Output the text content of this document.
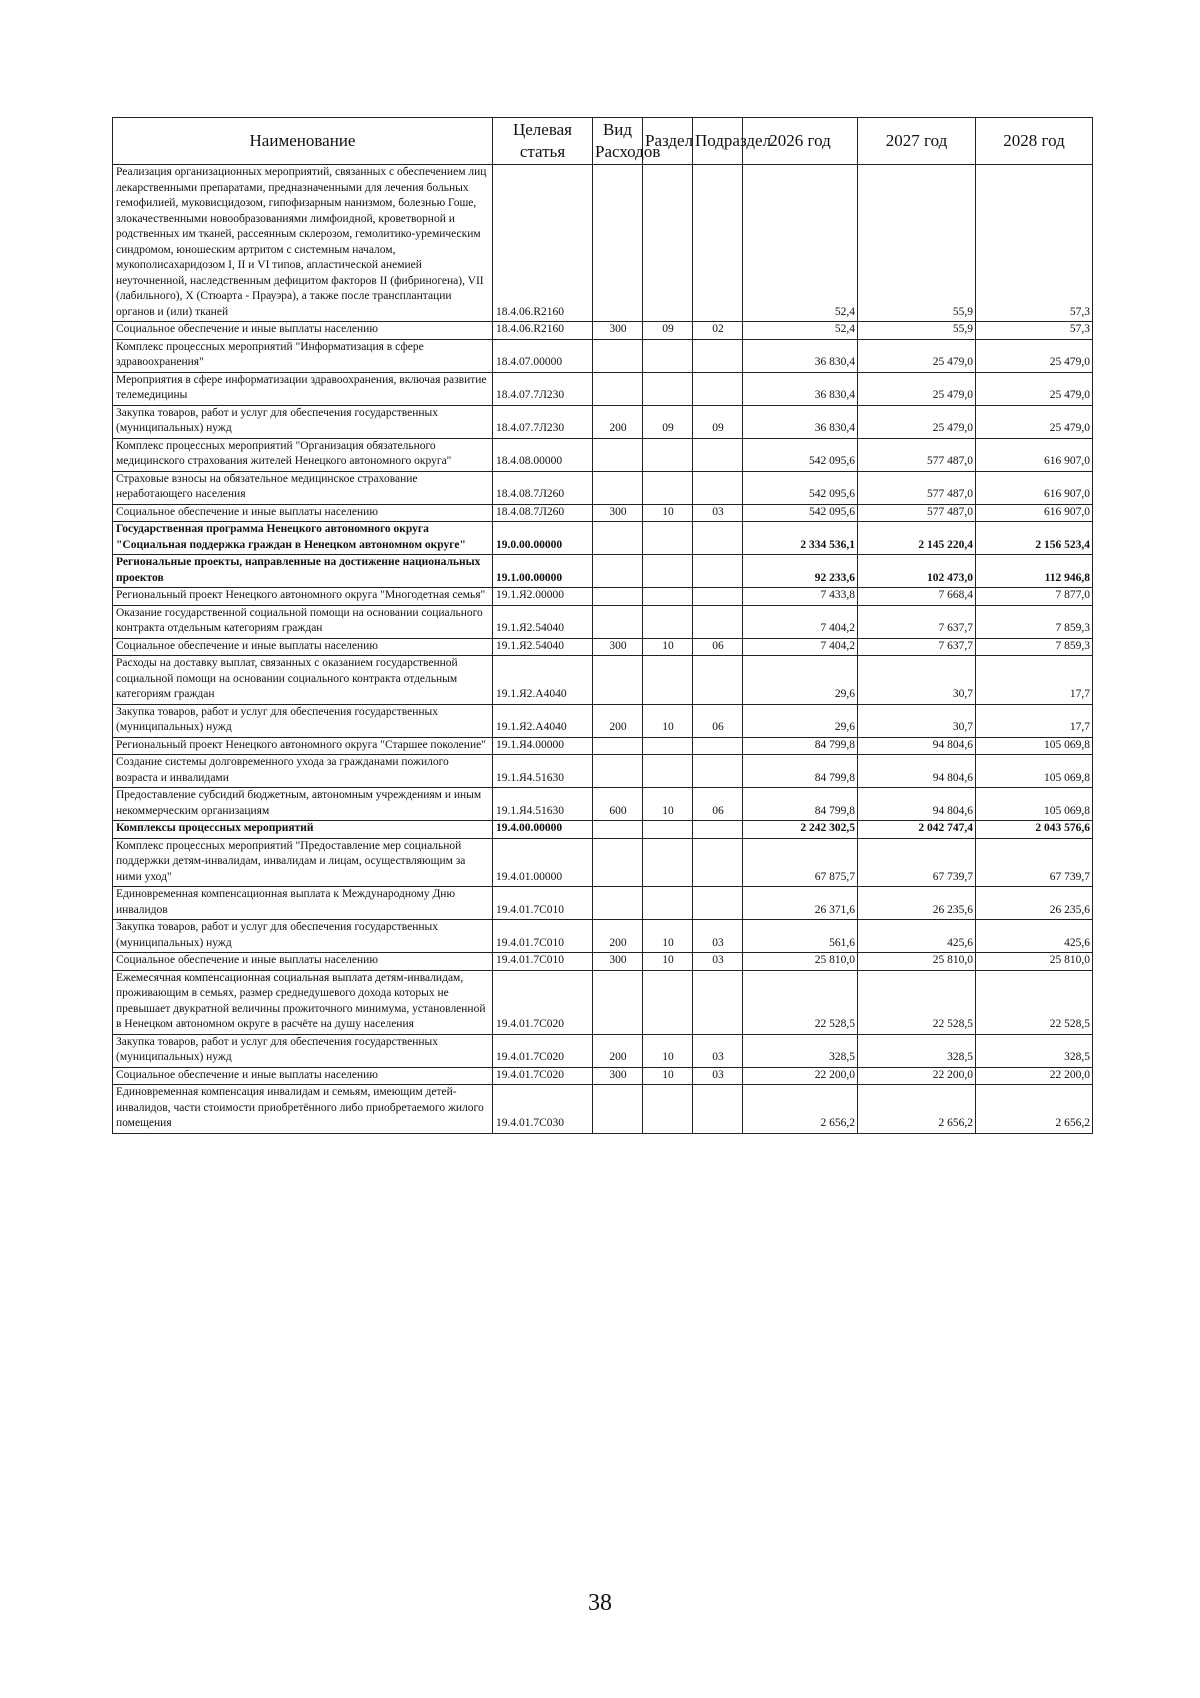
Наименование	Целевая статья	Вид Расходов	Раздел	Подраздел	2026 год	2027 год	2028 год
Реализация организационных мероприятий, связанных с обеспечением лиц лекарственными препаратами, предназначенными для лечения больных гемофилией, муковисцидозом, гипофизарным нанизмом, болезнью Гоше, злокачественными новообразованиями лимфоидной, кроветворной и родственных им тканей, рассеянным склерозом, гемолитико-уремическим синдромом, юношеским артритом с системным началом, мукополисахаридозом I, II и VI типов, апластической анемией неуточненной, наследственным дефицитом факторов II (фибриногена), VII (лабильного), X (Стюарта - Прауэра), а также после трансплантации органов и (или) тканей	18.4.06.R2160				52,4	55,9	57,3
Социальное обеспечение и иные выплаты населению	18.4.06.R2160	300	09	02	52,4	55,9	57,3
Комплекс процессных мероприятий "Информатизация в сфере здравоохранения"	18.4.07.00000				36 830,4	25 479,0	25 479,0
Мероприятия в сфере информатизации здравоохранения, включая развитие телемедицины	18.4.07.7Л230				36 830,4	25 479,0	25 479,0
Закупка товаров, работ и услуг для обеспечения государственных (муниципальных) нужд	18.4.07.7Л230	200	09	09	36 830,4	25 479,0	25 479,0
Комплекс процессных мероприятий "Организация обязательного медицинского страхования жителей Ненецкого автономного округа"	18.4.08.00000				542 095,6	577 487,0	616 907,0
Страховые взносы на обязательное медицинское страхование неработающего населения	18.4.08.7Л260				542 095,6	577 487,0	616 907,0
Социальное обеспечение и иные выплаты населению	18.4.08.7Л260	300	10	03	542 095,6	577 487,0	616 907,0
Государственная программа Ненецкого автономного округа "Социальная поддержка граждан в Ненецком автономном округе"	19.0.00.00000				2 334 536,1	2 145 220,4	2 156 523,4
Региональные проекты, направленные на достижение национальных проектов	19.1.00.00000				92 233,6	102 473,0	112 946,8
Региональный проект Ненецкого автономного округа "Многодетная семья"	19.1.Я2.00000				7 433,8	7 668,4	7 877,0
Оказание государственной социальной помощи на основании социального контракта отдельным категориям граждан	19.1.Я2.54040				7 404,2	7 637,7	7 859,3
Социальное обеспечение и иные выплаты населению	19.1.Я2.54040	300	10	06	7 404,2	7 637,7	7 859,3
Расходы на доставку выплат, связанных с оказанием государственной социальной помощи на основании социального контракта отдельным категориям граждан	19.1.Я2.А4040				29,6	30,7	17,7
Закупка товаров, работ и услуг для обеспечения государственных (муниципальных) нужд	19.1.Я2.А4040	200	10	06	29,6	30,7	17,7
Региональный проект Ненецкого автономного округа "Старшее поколение"	19.1.Я4.00000				84 799,8	94 804,6	105 069,8
Создание системы долговременного ухода за гражданами пожилого возраста и инвалидами	19.1.Я4.51630				84 799,8	94 804,6	105 069,8
Предоставление субсидий бюджетным, автономным учреждениям и иным некоммерческим организациям	19.1.Я4.51630	600	10	06	84 799,8	94 804,6	105 069,8
Комплексы процессных мероприятий	19.4.00.00000				2 242 302,5	2 042 747,4	2 043 576,6
Комплекс процессных мероприятий "Предоставление мер социальной поддержки детям-инвалидам, инвалидам и лицам, осуществляющим за ними уход"	19.4.01.00000				67 875,7	67 739,7	67 739,7
Единовременная компенсационная выплата к Международному Дню инвалидов	19.4.01.7С010				26 371,6	26 235,6	26 235,6
Закупка товаров, работ и услуг для обеспечения государственных (муниципальных) нужд	19.4.01.7С010	200	10	03	561,6	425,6	425,6
Социальное обеспечение и иные выплаты населению	19.4.01.7С010	300	10	03	25 810,0	25 810,0	25 810,0
Ежемесячная компенсационная социальная выплата детям-инвалидам, проживающим в семьях, размер среднедушевого дохода которых не превышает двукратной величины прожиточного минимума, установленной в Ненецком автономном округе в расчёте на душу населения	19.4.01.7С020				22 528,5	22 528,5	22 528,5
Закупка товаров, работ и услуг для обеспечения государственных (муниципальных) нужд	19.4.01.7С020	200	10	03	328,5	328,5	328,5
Социальное обеспечение и иные выплаты населению	19.4.01.7С020	300	10	03	22 200,0	22 200,0	22 200,0
Единовременная компенсация инвалидам и семьям, имеющим детей-инвалидов, части стоимости приобретённого либо приобретаемого жилого помещения	19.4.01.7С030				2 656,2	2 656,2	2 656,2
38
